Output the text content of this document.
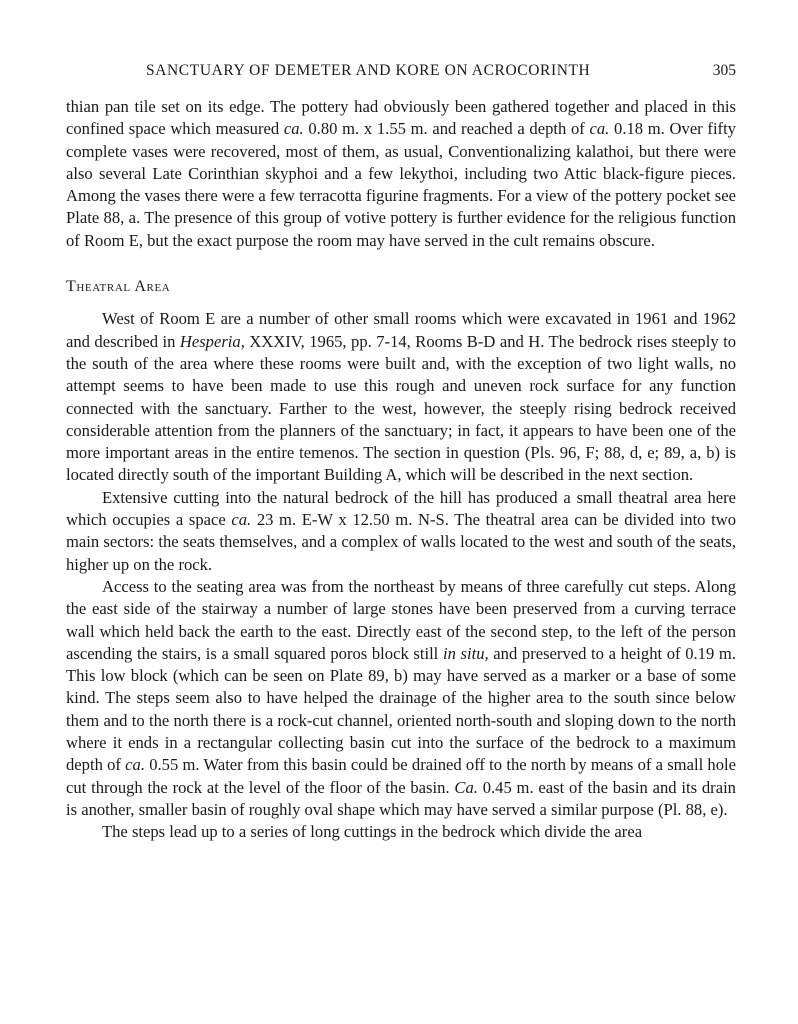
SANCTUARY OF DEMETER AND KORE ON ACROCORINTH	305

thian pan tile set on its edge. The pottery had obviously been gathered together and placed in this confined space which measured ca. 0.80 m. x 1.55 m. and reached a depth of ca. 0.18 m. Over fifty complete vases were recovered, most of them, as usual, Conventionalizing kalathoi, but there were also several Late Corinthian skyphoi and a few lekythoi, including two Attic black-figure pieces. Among the vases there were a few terracotta figurine fragments. For a view of the pottery pocket see Plate 88, a. The presence of this group of votive pottery is further evidence for the religious function of Room E, but the exact purpose the room may have served in the cult remains obscure.

Theatral Area

West of Room E are a number of other small rooms which were excavated in 1961 and 1962 and described in Hesperia, XXXIV, 1965, pp. 7-14, Rooms B-D and H. The bedrock rises steeply to the south of the area where these rooms were built and, with the exception of two light walls, no attempt seems to have been made to use this rough and uneven rock surface for any function connected with the sanctuary. Farther to the west, however, the steeply rising bedrock received considerable attention from the planners of the sanctuary; in fact, it appears to have been one of the more important areas in the entire temenos. The section in question (Pls. 96, F; 88, d, e; 89, a, b) is located directly south of the important Building A, which will be described in the next section.

Extensive cutting into the natural bedrock of the hill has produced a small theatral area here which occupies a space ca. 23 m. E-W x 12.50 m. N-S. The theatral area can be divided into two main sectors: the seats themselves, and a complex of walls located to the west and south of the seats, higher up on the rock.

Access to the seating area was from the northeast by means of three carefully cut steps. Along the east side of the stairway a number of large stones have been preserved from a curving terrace wall which held back the earth to the east. Directly east of the second step, to the left of the person ascending the stairs, is a small squared poros block still in situ, and preserved to a height of 0.19 m. This low block (which can be seen on Plate 89, b) may have served as a marker or a base of some kind. The steps seem also to have helped the drainage of the higher area to the south since below them and to the north there is a rock-cut channel, oriented north-south and sloping down to the north where it ends in a rectangular collecting basin cut into the surface of the bedrock to a maximum depth of ca. 0.55 m. Water from this basin could be drained off to the north by means of a small hole cut through the rock at the level of the floor of the basin. Ca. 0.45 m. east of the basin and its drain is another, smaller basin of roughly oval shape which may have served a similar purpose (Pl. 88, e).

The steps lead up to a series of long cuttings in the bedrock which divide the area
